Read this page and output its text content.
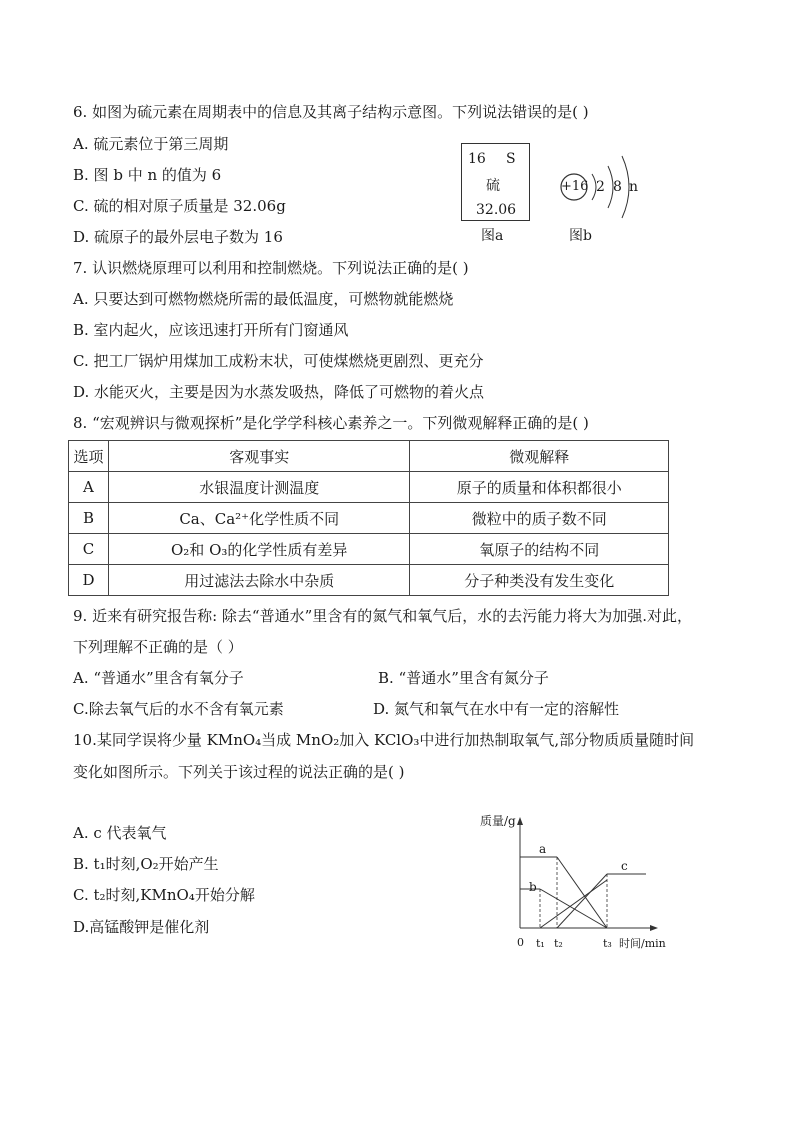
6. 如图为硫元素在周期表中的信息及其离子结构示意图。下列说法错误的是( )
A. 硫元素位于第三周期
B. 图 b 中 n 的值为 6
C. 硫的相对原子质量是 32.06g
D. 硫原子的最外层电子数为 16
16 S
硫
32.06
图a
+16 2 8 n
图b
7. 认识燃烧原理可以利用和控制燃烧。下列说法正确的是( )
A. 只要达到可燃物燃烧所需的最低温度，可燃物就能燃烧
B. 室内起火，应该迅速打开所有门窗通风
C. 把工厂锅炉用煤加工成粉末状，可使煤燃烧更剧烈、更充分
D. 水能灭火，主要是因为水蒸发吸热，降低了可燃物的着火点
8. “宏观辨识与微观探析”是化学学科核心素养之一。下列微观解释正确的是( )
选项	客观事实	微观解释
A	水银温度计测温度	原子的质量和体积都很小
B	Ca、Ca²⁺化学性质不同	微粒中的质子数不同
C	O₂和 O₃的化学性质有差异	氧原子的结构不同
D	用过滤法去除水中杂质	分子种类没有发生变化
9. 近来有研究报告称: 除去“普通水”里含有的氮气和氧气后，水的去污能力将大为加强.对此，
下列理解不正确的是（ ）
A. “普通水”里含有氧分子	B. “普通水”里含有氮分子
C.除去氧气后的水不含有氧元素	D. 氮气和氧气在水中有一定的溶解性
10.某同学误将少量 KMnO₄当成 MnO₂加入 KClO₃中进行加热制取氧气,部分物质质量随时间
变化如图所示。下列关于该过程的说法正确的是( )
A. c 代表氧气
B. t₁时刻,O₂开始产生
C. t₂时刻,KMnO₄开始分解
D.高锰酸钾是催化剂
质量/g
a
b
c
0 t₁ t₂	t₃ 时间/min
